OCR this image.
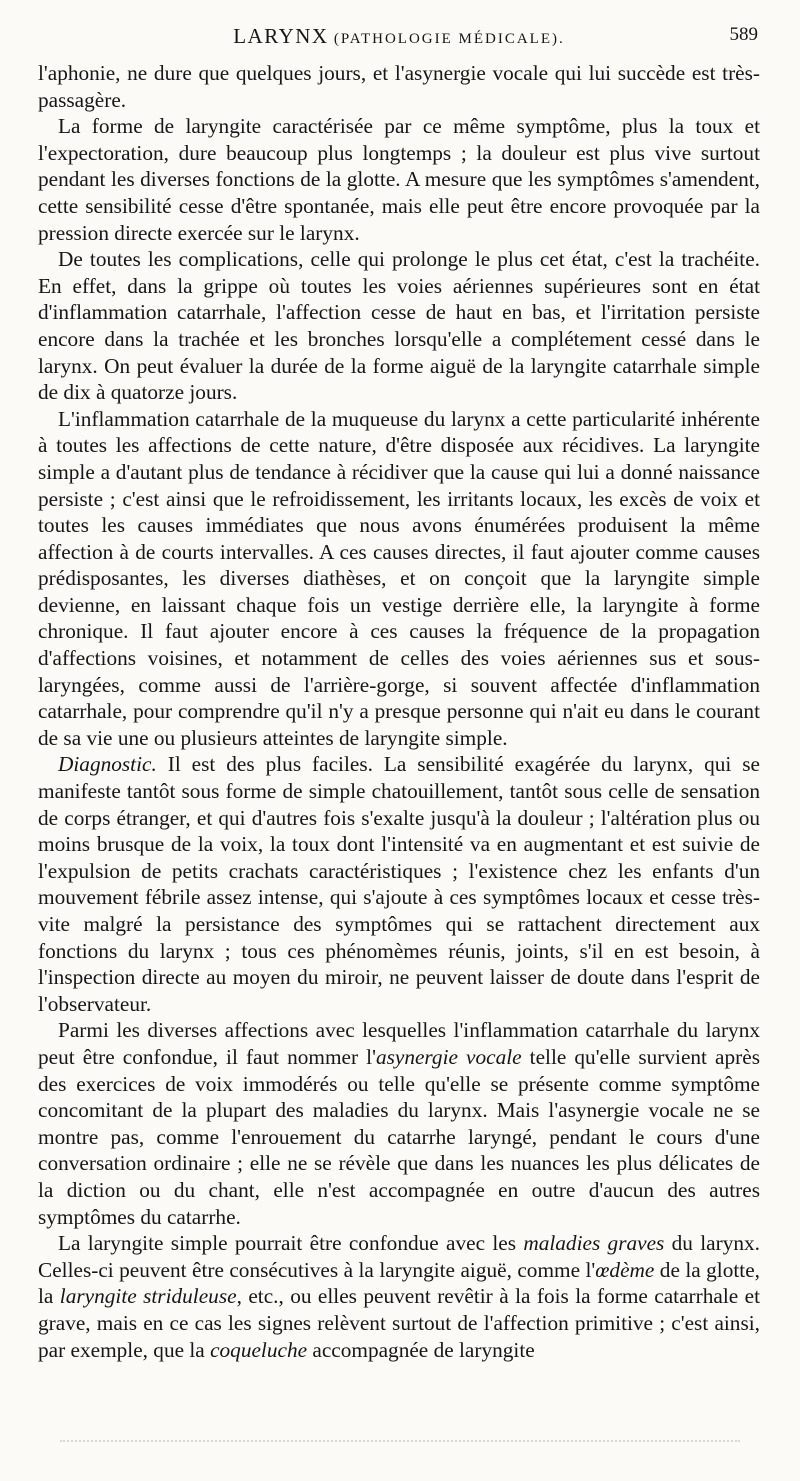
LARYNX (PATHOLOGIE MÉDICALE).	589

l'aphonie, ne dure que quelques jours, et l'asynergie vocale qui lui succède est très-passagère.

La forme de laryngite caractérisée par ce même symptôme, plus la toux et l'expectoration, dure beaucoup plus longtemps ; la douleur est plus vive surtout pendant les diverses fonctions de la glotte. A mesure que les symptômes s'amendent, cette sensibilité cesse d'être spontanée, mais elle peut être encore provoquée par la pression directe exercée sur le larynx.

De toutes les complications, celle qui prolonge le plus cet état, c'est la trachéite. En effet, dans la grippe où toutes les voies aériennes supérieures sont en état d'inflammation catarrhale, l'affection cesse de haut en bas, et l'irritation persiste encore dans la trachée et les bronches lorsqu'elle a complétement cessé dans le larynx. On peut évaluer la durée de la forme aiguë de la laryngite catarrhale simple de dix à quatorze jours.

L'inflammation catarrhale de la muqueuse du larynx a cette particularité inhérente à toutes les affections de cette nature, d'être disposée aux récidives. La laryngite simple a d'autant plus de tendance à récidiver que la cause qui lui a donné naissance persiste ; c'est ainsi que le refroidissement, les irritants locaux, les excès de voix et toutes les causes immédiates que nous avons énumérées produisent la même affection à de courts intervalles. A ces causes directes, il faut ajouter comme causes prédisposantes, les diverses diathèses, et on conçoit que la laryngite simple devienne, en laissant chaque fois un vestige derrière elle, la laryngite à forme chronique. Il faut ajouter encore à ces causes la fréquence de la propagation d'affections voisines, et notamment de celles des voies aériennes sus et sous-laryngées, comme aussi de l'arrière-gorge, si souvent affectée d'inflammation catarrhale, pour comprendre qu'il n'y a presque personne qui n'ait eu dans le courant de sa vie une ou plusieurs atteintes de laryngite simple.

Diagnostic. Il est des plus faciles. La sensibilité exagérée du larynx, qui se manifeste tantôt sous forme de simple chatouillement, tantôt sous celle de sensation de corps étranger, et qui d'autres fois s'exalte jusqu'à la douleur ; l'altération plus ou moins brusque de la voix, la toux dont l'intensité va en augmentant et est suivie de l'expulsion de petits crachats caractéristiques ; l'existence chez les enfants d'un mouvement fébrile assez intense, qui s'ajoute à ces symptômes locaux et cesse très-vite malgré la persistance des symptômes qui se rattachent directement aux fonctions du larynx ; tous ces phénomèmes réunis, joints, s'il en est besoin, à l'inspection directe au moyen du miroir, ne peuvent laisser de doute dans l'esprit de l'observateur.

Parmi les diverses affections avec lesquelles l'inflammation catarrhale du larynx peut être confondue, il faut nommer l'asynergie vocale telle qu'elle survient après des exercices de voix immodérés ou telle qu'elle se présente comme symptôme concomitant de la plupart des maladies du larynx. Mais l'asynergie vocale ne se montre pas, comme l'enrouement du catarrhe laryngé, pendant le cours d'une conversation ordinaire ; elle ne se révèle que dans les nuances les plus délicates de la diction ou du chant, elle n'est accompagnée en outre d'aucun des autres symptômes du catarrhe.

La laryngite simple pourrait être confondue avec les maladies graves du larynx. Celles-ci peuvent être consécutives à la laryngite aiguë, comme l'œdème de la glotte, la laryngite striduleuse, etc., ou elles peuvent revêtir à la fois la forme catarrhale et grave, mais en ce cas les signes relèvent surtout de l'affection primitive ; c'est ainsi, par exemple, que la coqueluche accompagnée de laryngite
